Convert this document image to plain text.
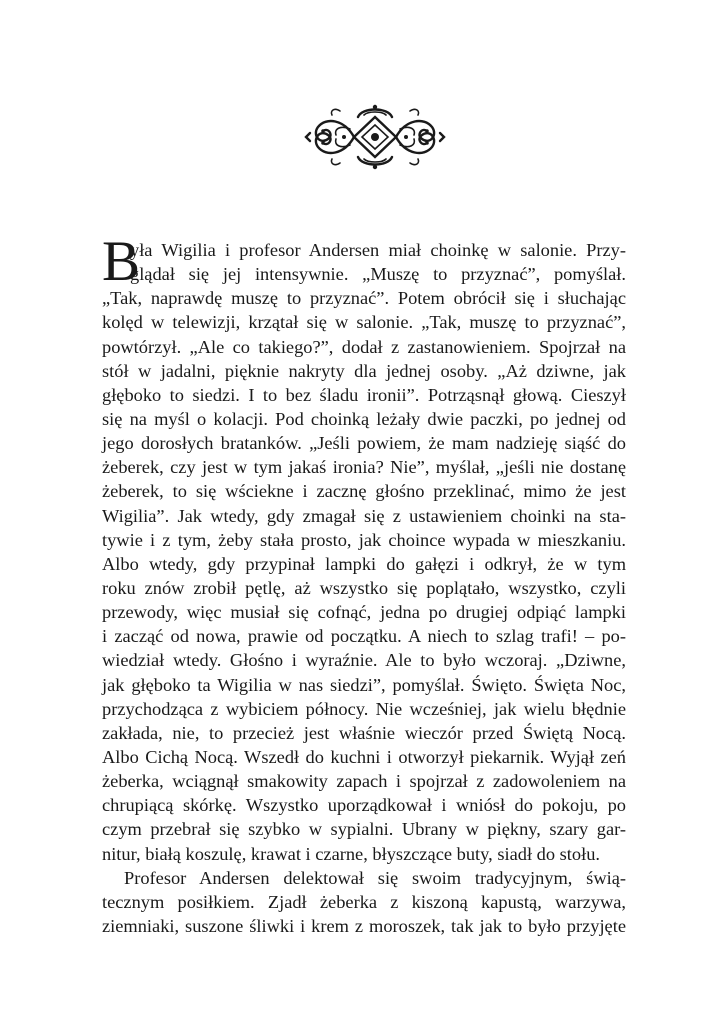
B
yła Wigilia i profesor Andersen miał choinkę w salonie. Przy-
glądał się jej intensywnie. „Muszę to przyznać”, pomyślał.
„Tak, naprawdę muszę to przyznać”. Potem obrócił się i słuchając
kolęd w telewizji, krzątał się w salonie. „Tak, muszę to przyznać”,
powtórzył. „Ale co takiego?”, dodał z zastanowieniem. Spojrzał na
stół w jadalni, pięknie nakryty dla jednej osoby. „Aż dziwne, jak
głęboko to siedzi. I to bez śladu ironii”. Potrząsnął głową. Cieszył
się na myśl o kolacji. Pod choinką leżały dwie paczki, po jednej od
jego dorosłych bratanków. „Jeśli powiem, że mam nadzieję siąść do
żeberek, czy jest w tym jakaś ironia? Nie”, myślał, „jeśli nie dostanę
żeberek, to się wściekne i zacznę głośno przeklinać, mimo że jest
Wigilia”. Jak wtedy, gdy zmagał się z ustawieniem choinki na sta-
tywie i z tym, żeby stała prosto, jak choince wypada w mieszkaniu.
Albo wtedy, gdy przypinał lampki do gałęzi i odkrył, że w tym
roku znów zrobił pętlę, aż wszystko się poplątało, wszystko, czyli
przewody, więc musiał się cofnąć, jedna po drugiej odpiąć lampki
i zacząć od nowa, prawie od początku. A niech to szlag trafi! – po-
wiedział wtedy. Głośno i wyraźnie. Ale to było wczoraj. „Dziwne,
jak głęboko ta Wigilia w nas siedzi”, pomyślał. Święto. Święta Noc,
przychodząca z wybiciem północy. Nie wcześniej, jak wielu błędnie
zakłada, nie, to przecież jest właśnie wieczór przed Świętą Nocą.
Albo Cichą Nocą. Wszedł do kuchni i otworzył piekarnik. Wyjął zeń
żeberka, wciągnął smakowity zapach i spojrzał z zadowoleniem na
chrupiącą skórkę. Wszystko uporządkował i wniósł do pokoju, po
czym przebrał się szybko w sypialni. Ubrany w piękny, szary gar-
nitur, białą koszulę, krawat i czarne, błyszczące buty, siadł do stołu.
Profesor Andersen delektował się swoim tradycyjnym, świą-
tecznym posiłkiem. Zjadł żeberka z kiszoną kapustą, warzywa,
ziemniaki, suszone śliwki i krem z moroszek, tak jak to było przyjęte
